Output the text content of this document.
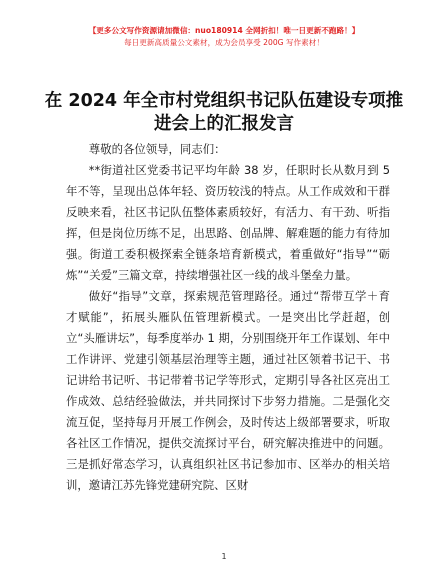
【更多公文写作资源请加微信：nuo180914 全网折扣！唯一日更新不跑路！】
每日更新高质量公文素材，成为会员享受 200G 写作素材！
在 2024 年全市村党组织书记队伍建设专项推进会上的汇报发言

尊敬的各位领导，同志们：

**街道社区党委书记平均年龄 38 岁，任职时长从数月到 5 年不等，呈现出总体年轻、资历较浅的特点。从工作成效和干群反映来看，社区书记队伍整体素质较好，有活力、有干劲、听指挥，但是岗位历练不足，出思路、创品牌、解难题的能力有待加强。街道工委积极探索全链条培育新模式，着重做好“指导”“砺炼”“关爱”三篇文章，持续增强社区一线的战斗堡垒力量。

做好“指导”文章，探索规范管理路径。通过“帮带互学＋育才赋能”，拓展头雁队伍管理新模式。一是突出比学赶超，创立“头雁讲坛”，每季度举办 1 期，分别围绕开年工作谋划、年中工作讲评、党建引领基层治理等主题，通过社区领着书记干、书记讲给书记听、书记带着书记学等形式，定期引导各社区亮出工作成效、总结经验做法，并共同探讨下步努力措施。二是强化交流互促，坚持每月开展工作例会，及时传达上级部署要求，听取各社区工作情况，提供交流探讨平台，研究解决推进中的问题。三是抓好常态学习，认真组织社区书记参加市、区举办的相关培训，邀请江苏先锋党建研究院、区财

1
